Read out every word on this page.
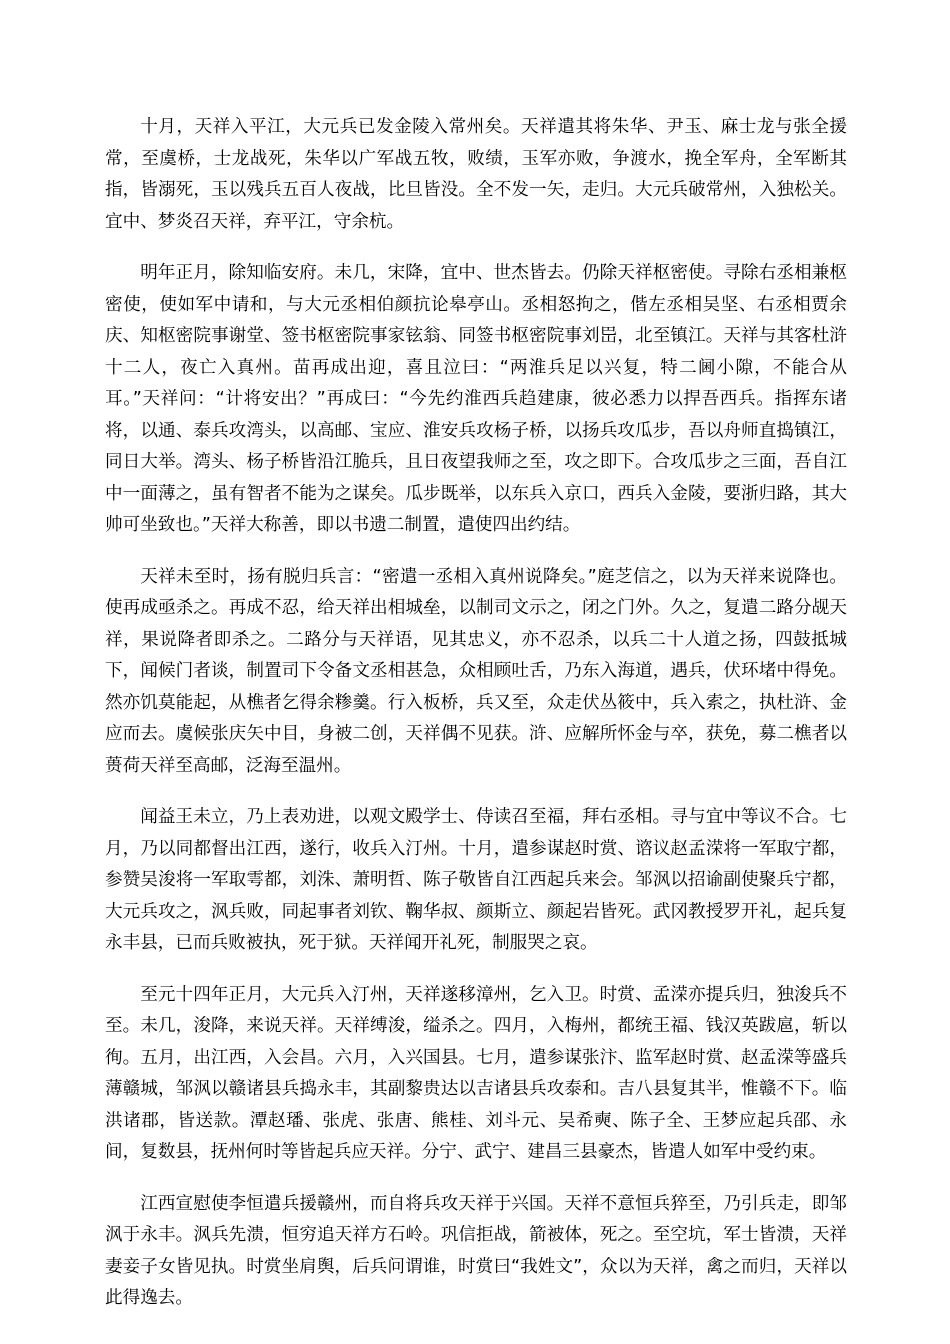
十月，天祥入平江，大元兵已发金陵入常州矣。天祥遣其将朱华、尹玉、麻士龙与张全援常，至虞桥，士龙战死，朱华以广军战五牧，败绩，玉军亦败，争渡水，挽全军舟，全军断其指，皆溺死，玉以残兵五百人夜战，比旦皆没。全不发一矢，走归。大元兵破常州，入独松关。宜中、梦炎召天祥，弃平江，守余杭。

明年正月，除知临安府。未几，宋降，宜中、世杰皆去。仍除天祥枢密使。寻除右丞相兼枢密使，使如军中请和，与大元丞相伯颜抗论皋亭山。丞相怒拘之，偕左丞相吴坚、右丞相贾余庆、知枢密院事谢堂、签书枢密院事家铉翁、同签书枢密院事刘岊，北至镇江。天祥与其客杜浒十二人，夜亡入真州。苗再成出迎，喜且泣曰：“两淮兵足以兴复，特二阃小隙，不能合从耳。”天祥问：“计将安出？”再成曰：“今先约淮西兵趋建康，彼必悉力以捍吾西兵。指挥东诸将，以通、泰兵攻湾头，以高邮、宝应、淮安兵攻杨子桥，以扬兵攻瓜步，吾以舟师直捣镇江，同日大举。湾头、杨子桥皆沿江脆兵，且日夜望我师之至，攻之即下。合攻瓜步之三面，吾自江中一面薄之，虽有智者不能为之谋矣。瓜步既举，以东兵入京口，西兵入金陵，要浙归路，其大帅可坐致也。”天祥大称善，即以书遗二制置，遣使四出约结。

天祥未至时，扬有脱归兵言：“密遣一丞相入真州说降矣。”庭芝信之，以为天祥来说降也。使再成亟杀之。再成不忍，给天祥出相城垒，以制司文示之，闭之门外。久之，复遣二路分觇天祥，果说降者即杀之。二路分与天祥语，见其忠义，亦不忍杀，以兵二十人道之扬，四鼓抵城下，闻候门者谈，制置司下令备文丞相甚急，众相顾吐舌，乃东入海道，遇兵，伏环堵中得免。然亦饥莫能起，从樵者乞得余糁羹。行入板桥，兵又至，众走伏丛筱中，兵入索之，执杜浒、金应而去。虞候张庆矢中目，身被二创，天祥偶不见获。浒、应解所怀金与卒，获免，募二樵者以蒉荷天祥至高邮，泛海至温州。

闻益王未立，乃上表劝进，以观文殿学士、侍读召至福，拜右丞相。寻与宜中等议不合。七月，乃以同都督出江西，遂行，收兵入汀州。十月，遣参谋赵时赏、谘议赵孟溁将一军取宁都，参赞吴浚将一军取雩都，刘洙、萧明哲、陈子敬皆自江西起兵来会。邹沨以招谕副使聚兵宁都，大元兵攻之，沨兵败，同起事者刘钦、鞠华叔、颜斯立、颜起岩皆死。武冈教授罗开礼，起兵复永丰县，已而兵败被执，死于狱。天祥闻开礼死，制服哭之哀。

至元十四年正月，大元兵入汀州，天祥遂移漳州，乞入卫。时赏、孟溁亦提兵归，独浚兵不至。未几，浚降，来说天祥。天祥缚浚，缢杀之。四月，入梅州，都统王福、钱汉英跋扈，斩以徇。五月，出江西，入会昌。六月，入兴国县。七月，遣参谋张汴、监军赵时赏、赵孟溁等盛兵薄赣城，邹沨以赣诸县兵捣永丰，其副黎贵达以吉诸县兵攻泰和。吉八县复其半，惟赣不下。临洪诸郡，皆送款。潭赵璠、张虎、张唐、熊桂、刘斗元、吴希奭、陈子全、王梦应起兵邵、永间，复数县，抚州何时等皆起兵应天祥。分宁、武宁、建昌三县豪杰，皆遣人如军中受约束。

江西宣慰使李恒遣兵援赣州，而自将兵攻天祥于兴国。天祥不意恒兵猝至，乃引兵走，即邹沨于永丰。沨兵先溃，恒穷追天祥方石岭。巩信拒战，箭被体，死之。至空坑，军士皆溃，天祥妻妾子女皆见执。时赏坐肩舆，后兵问谓谁，时赏曰“我姓文”，众以为天祥，禽之而归，天祥以此得逸去。
